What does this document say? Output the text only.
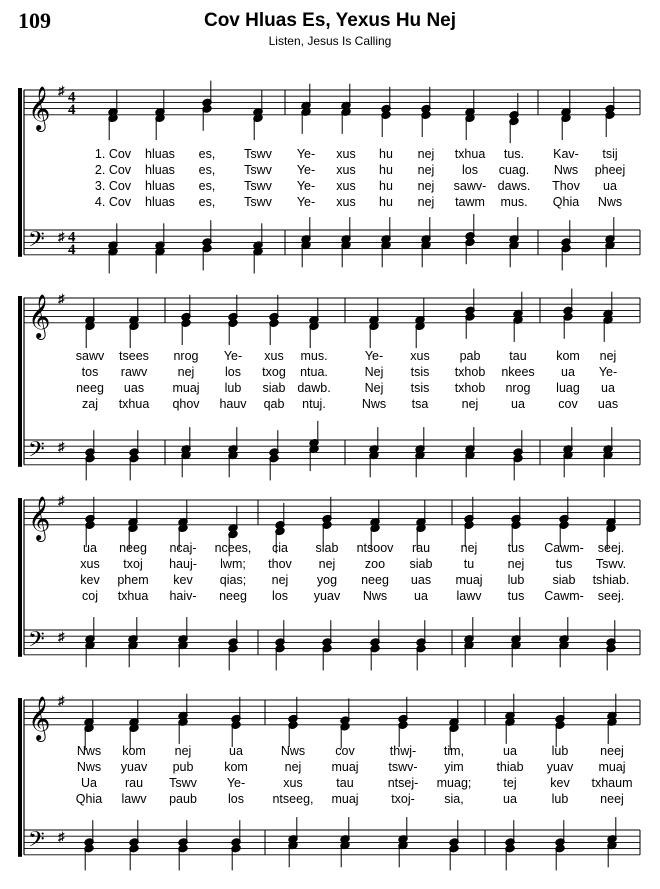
109	Cov Hluas Es, Yexus Hu Nej
Listen, Jesus Is Calling
𝄞
𝄢
♯
♯
4
4
4
4
1. Cov hluas es, Tswv Ye- xus hu nej txhua tus. Kav- tsij
2. Cov hluas es, Tswv Ye- xus hu nej los cuag. Nws pheej
3. Cov hluas es, Tswv Ye- xus hu nej sawv- daws. Thov ua
4. Cov hluas es, Tswv Ye- xus hu nej tawm mus. Qhia Nws
𝄞
𝄢
♯
♯
sawv tsees nrog Ye- xus mus.	Ye- xus pab tau kom nej
tos rawv nej los txog ntua.	Nej tsis txhob nkees ua Ye-
neeg uas muaj lub siab dawb.	Nej tsis txhob nrog luag ua
zaj txhua qhov hauv qab ntuj.	Nws tsa	nej	ua	cov uas
𝄞
𝄢
♯
♯
ua neeg ncaj- ncees, cia siab ntsoov rau nej tus Cawm- seej.
xus txoj hauj- lwm; thov nej zoo siab	tu	nej	tus Tswv.
kev phem kev qias; nej yog neeg uas muaj lub siab tshiab.
coj txhua haiv- neeg los yuav Nws ua lawv tus Cawm- seej.
𝄞
𝄢
♯
♯
Nws kom nej	ua	Nws cov	thwj- tim,	ua	lub	neej
Nws yuav pub kom	nej muaj tswv- yim	thiab yuav muaj
Ua rau Tswv Ye-	xus	tau	ntsej- muag;	tej	kev txhaum
Qhia lawv paub los ntseeg, muaj	txoj- sia,	ua	lub	neej
